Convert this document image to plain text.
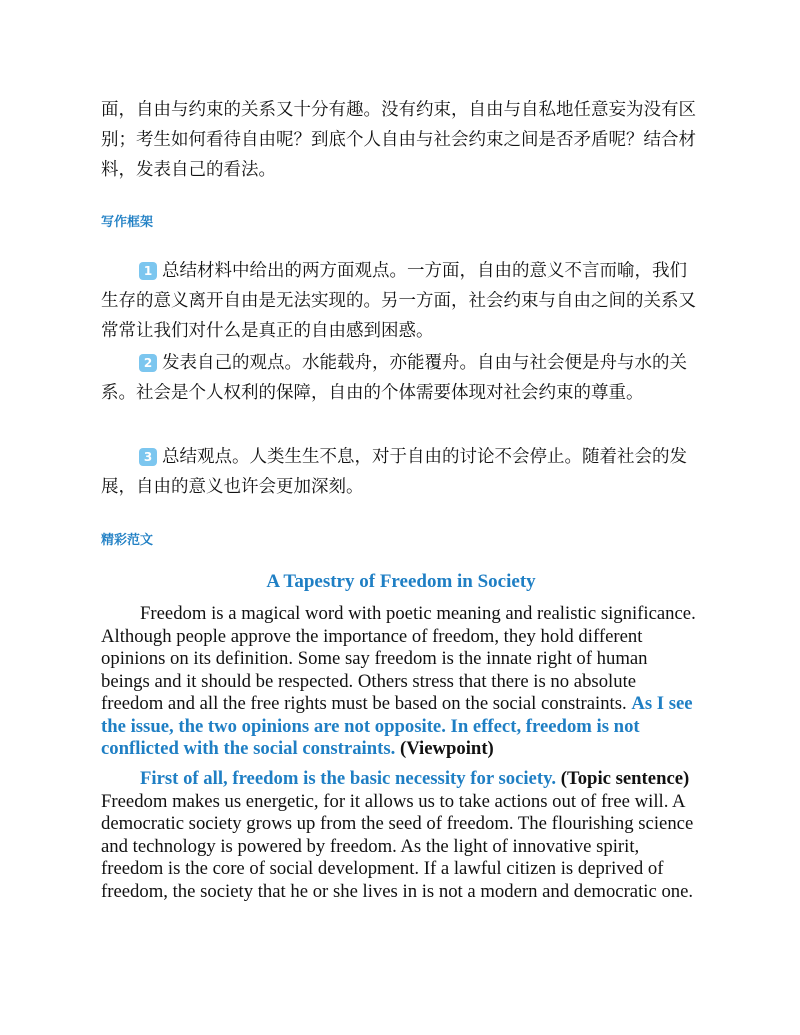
面，自由与约束的关系又十分有趣。没有约束，自由与自私地任意妄为没有区别；考生如何看待自由呢？到底个人自由与社会约束之间是否矛盾呢？结合材料，发表自己的看法。

写作框架

1 总结材料中给出的两方面观点。一方面，自由的意义不言而喻，我们生存的意义离开自由是无法实现的。另一方面，社会约束与自由之间的关系又常常让我们对什么是真正的自由感到困惑。

2 发表自己的观点。水能载舟，亦能覆舟。自由与社会便是舟与水的关系。社会是个人权利的保障，自由的个体需要体现对社会约束的尊重。

3 总结观点。人类生生不息，对于自由的讨论不会停止。随着社会的发展，自由的意义也许会更加深刻。

精彩范文
A Tapestry of Freedom in Society

Freedom is a magical word with poetic meaning and realistic significance. Although people approve the importance of freedom, they hold different opinions on its definition. Some say freedom is the innate right of human beings and it should be respected. Others stress that there is no absolute freedom and all the free rights must be based on the social constraints. As I see the issue, the two opinions are not opposite. In effect, freedom is not conflicted with the social constraints. (Viewpoint)

First of all, freedom is the basic necessity for society. (Topic sentence) Freedom makes us energetic, for it allows us to take actions out of free will. A democratic society grows up from the seed of freedom. The flourishing science and technology is powered by freedom. As the light of innovative spirit, freedom is the core of social development. If a lawful citizen is deprived of freedom, the society that he or she lives in is not a modern and democratic one.
